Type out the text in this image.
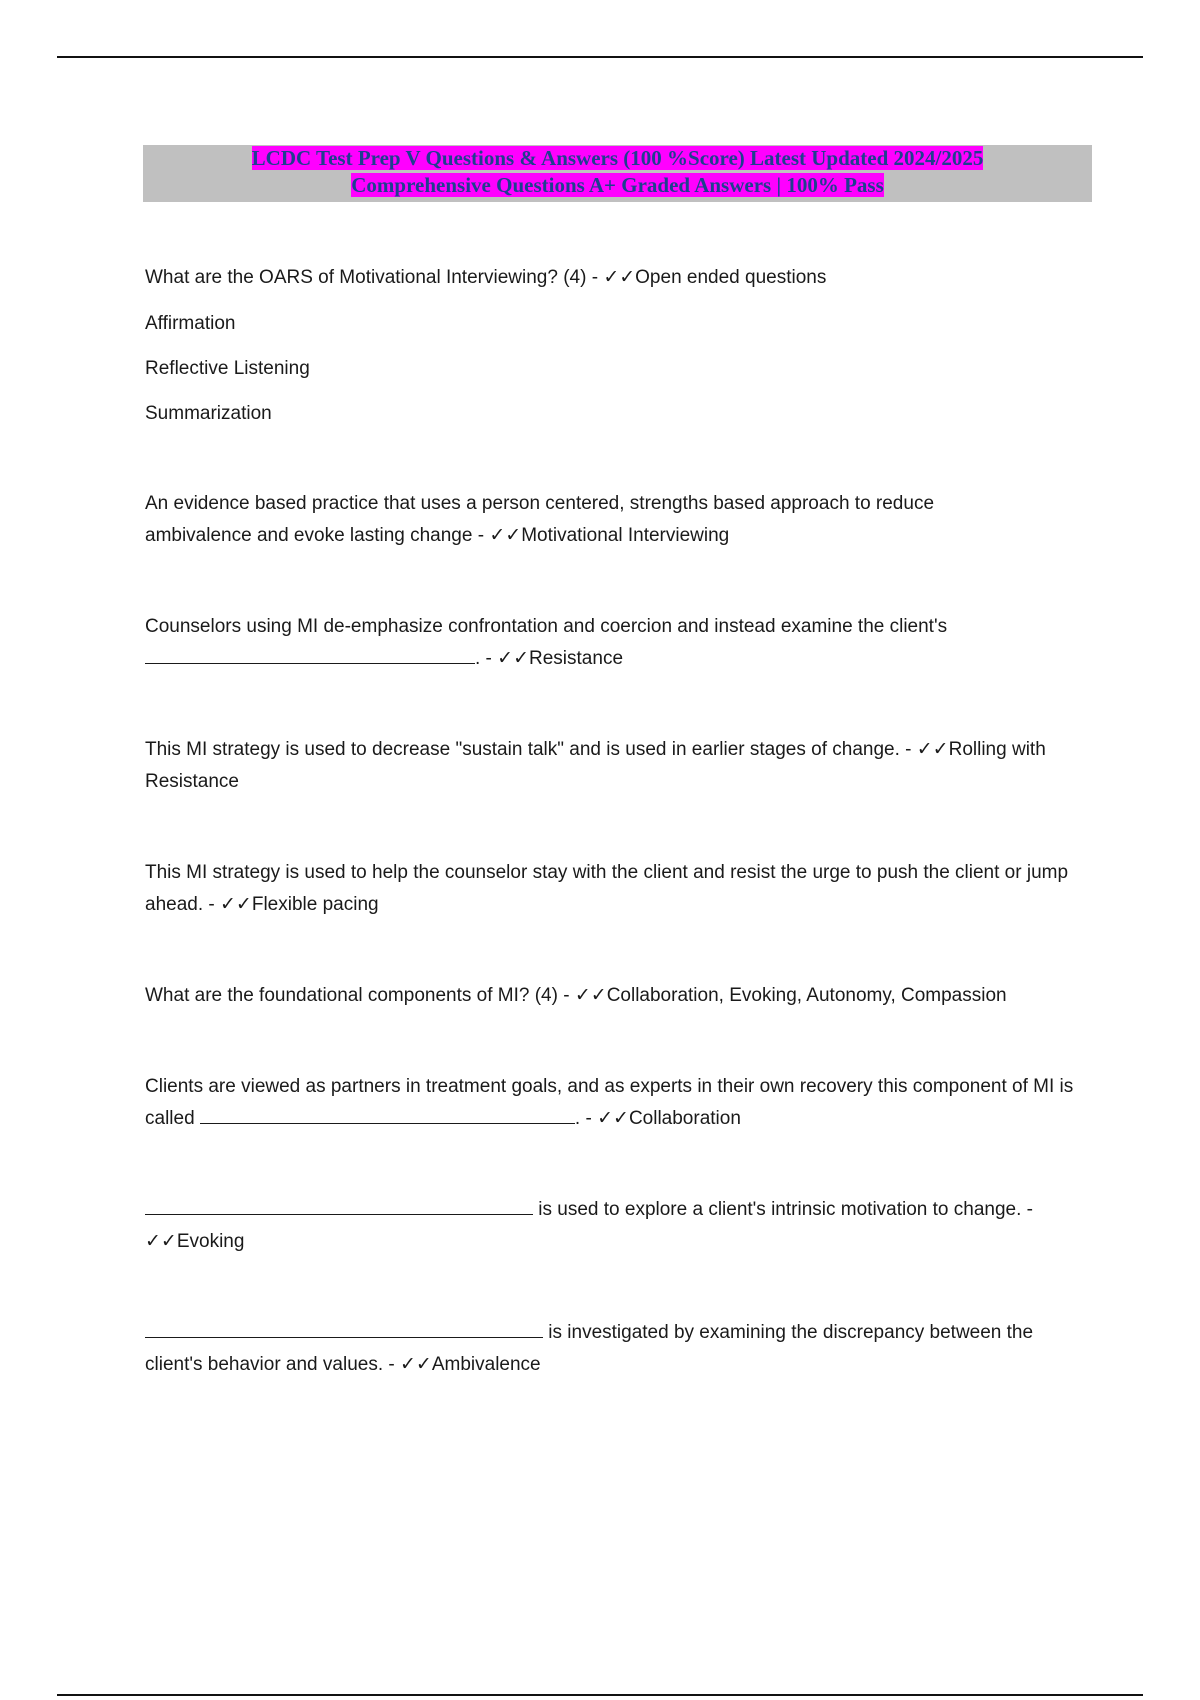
LCDC Test Prep V Questions & Answers (100 %Score) Latest Updated 2024/2025
Comprehensive Questions A+ Graded Answers | 100% Pass

What are the OARS of Motivational Interviewing? (4) - ✓✓Open ended questions

Affirmation

Reflective Listening

Summarization

An evidence based practice that uses a person centered, strengths based approach to reduce ambivalence and evoke lasting change - ✓✓Motivational Interviewing

Counselors using MI de-emphasize confrontation and coercion and instead examine the client's
. - ✓✓Resistance

This MI strategy is used to decrease "sustain talk" and is used in earlier stages of change. - ✓✓Rolling with Resistance

This MI strategy is used to help the counselor stay with the client and resist the urge to push the client or jump ahead. - ✓✓Flexible pacing

What are the foundational components of MI? (4) - ✓✓Collaboration, Evoking, Autonomy, Compassion

Clients are viewed as partners in treatment goals, and as experts in their own recovery this component of MI is called	. - ✓✓Collaboration

is used to explore a client's intrinsic motivation to change. - ✓✓Evoking

is investigated by examining the discrepancy between the client's behavior and values. - ✓✓Ambivalence
